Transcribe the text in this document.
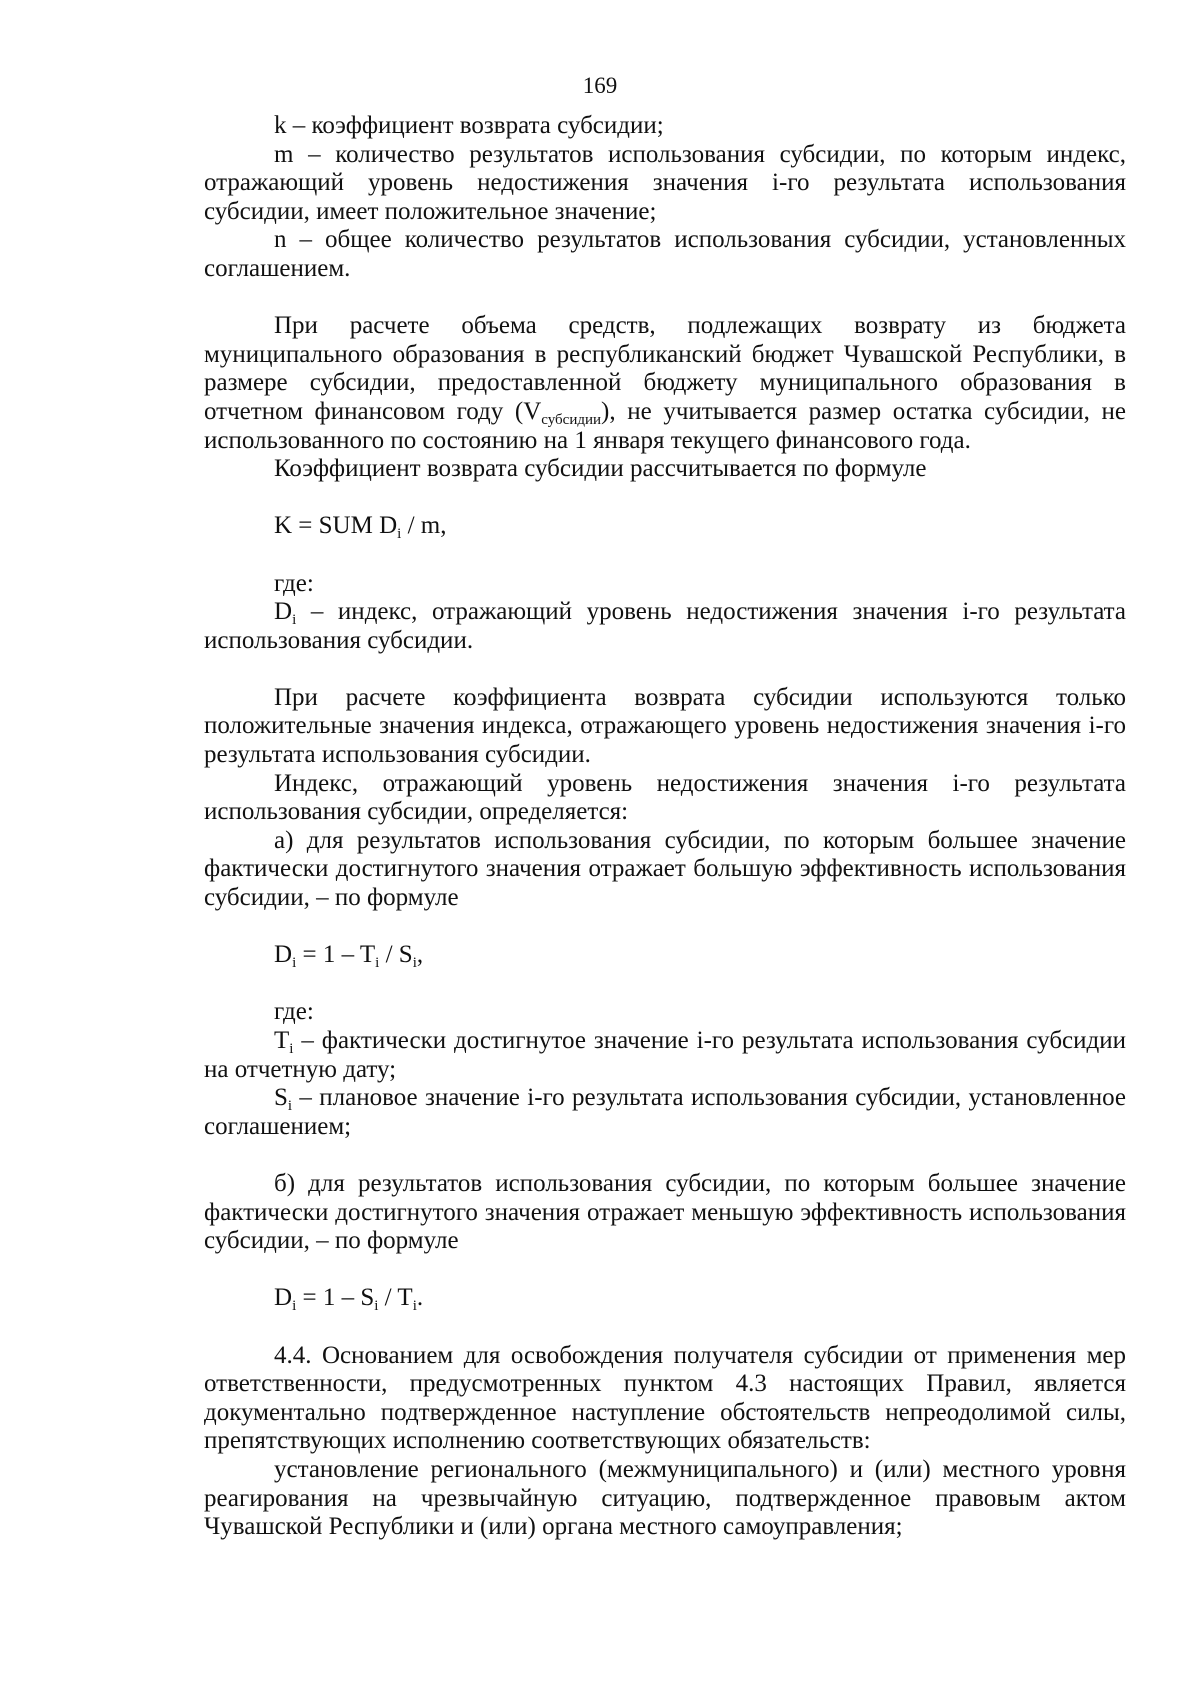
169

k – коэффициент возврата субсидии;

m – количество результатов использования субсидии, по которым индекс, отражающий уровень недостижения значения i-го результата использования субсидии, имеет положительное значение;

n – общее количество результатов использования субсидии, установленных соглашением.

При расчете объема средств, подлежащих возврату из бюджета муниципального образования в республиканский бюджет Чувашской Республики, в размере субсидии, предоставленной бюджету муниципального образования в отчетном финансовом году $(V_{субсидии})$, не учитывается размер остатка субсидии, не использованного по состоянию на 1 января текущего финансового года.

Коэффициент возврата субсидии рассчитывается по формуле

K = SUM $D_i$ / m,

где:

$D_i$ – индекс, отражающий уровень недостижения значения i-го результата использования субсидии.

При расчете коэффициента возврата субсидии используются только положительные значения индекса, отражающего уровень недостижения значения i-го результата использования субсидии.

Индекс, отражающий уровень недостижения значения i-го результата использования субсидии, определяется:

а) для результатов использования субсидии, по которым большее значение фактически достигнутого значения отражает большую эффективность использования субсидии, – по формуле

$D_i = 1 - T_i / S_i$,

где:

$T_i$ – фактически достигнутое значение i-го результата использования субсидии на отчетную дату;

$S_i$ – плановое значение i-го результата использования субсидии, установленное соглашением;

б) для результатов использования субсидии, по которым большее значение фактически достигнутого значения отражает меньшую эффективность использования субсидии, – по формуле

$D_i = 1 - S_i / T_i$.

4.4. Основанием для освобождения получателя субсидии от применения мер ответственности, предусмотренных пунктом 4.3 настоящих Правил, является документально подтвержденное наступление обстоятельств непреодолимой силы, препятствующих исполнению соответствующих обязательств:

установление регионального (межмуниципального) и (или) местного уровня реагирования на чрезвычайную ситуацию, подтвержденное правовым актом Чувашской Республики и (или) органа местного самоуправления;
